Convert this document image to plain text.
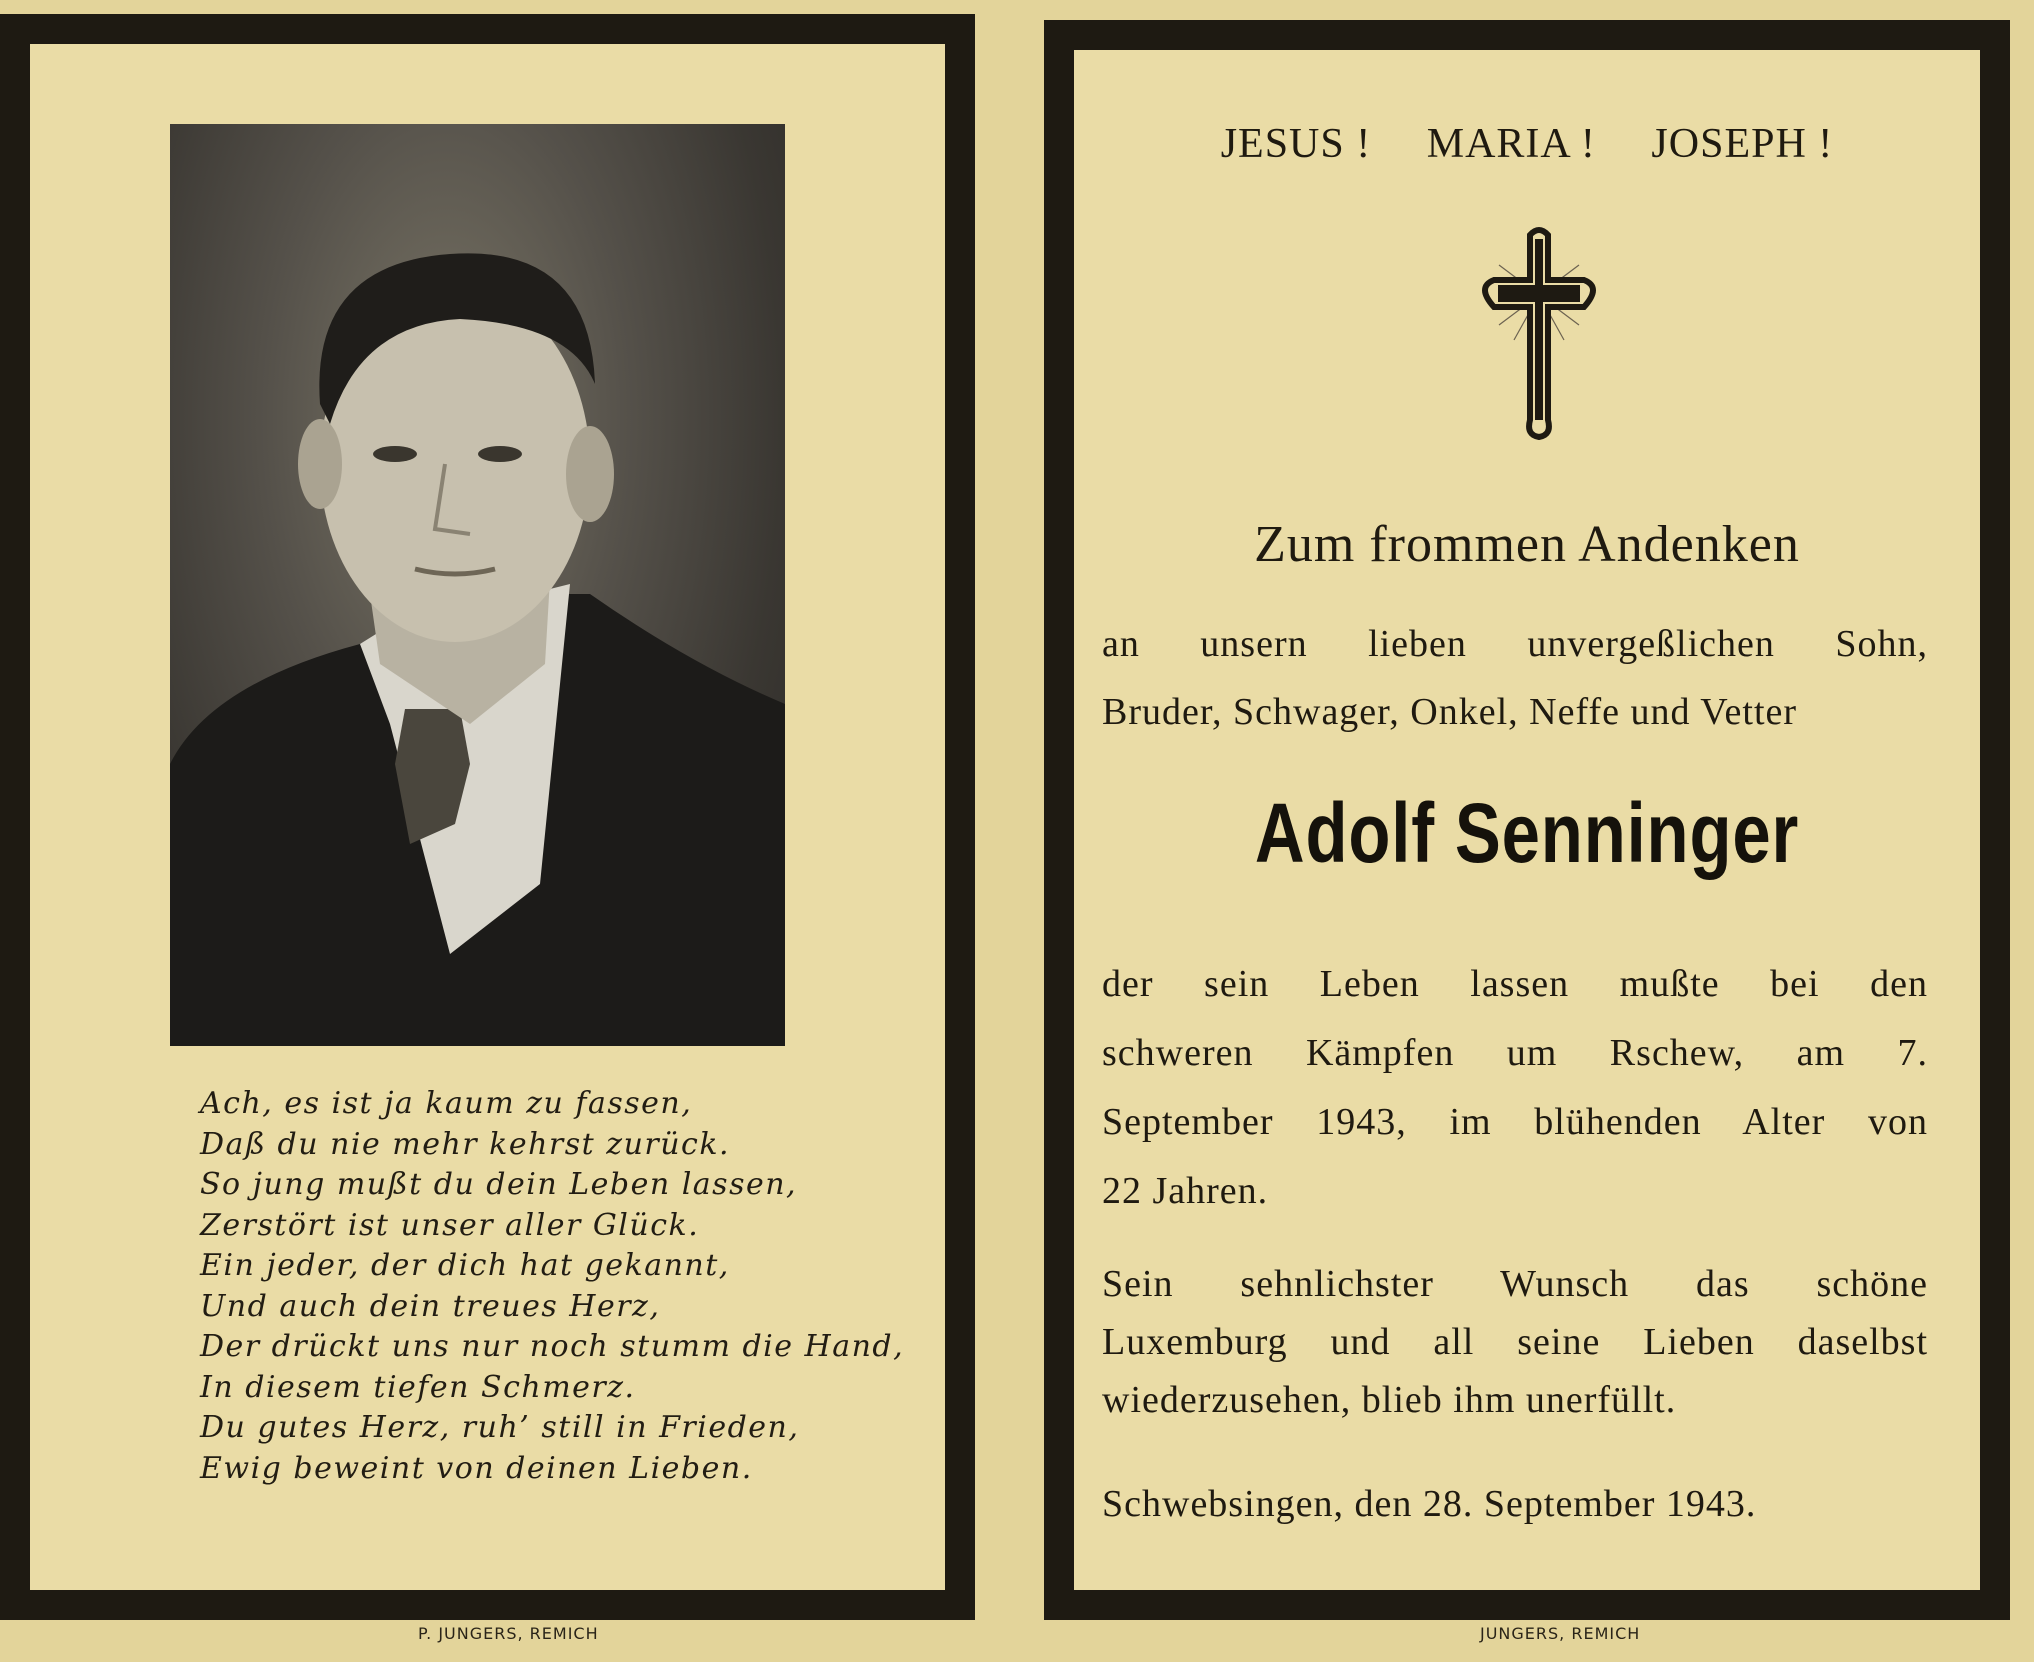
Ach, es ist ja kaum zu fassen,
Daß du nie mehr kehrst zurück.
So jung mußt du dein Leben lassen,
Zerstört ist unser aller Glück.
Ein jeder, der dich hat gekannt,
Und auch dein treues Herz,
Der drückt uns nur noch stumm die Hand,
In diesem tiefen Schmerz.
Du gutes Herz, ruh’ still in Frieden,
Ewig beweint von deinen Lieben.
P. JUNGERS, REMICH
JESUS ! MARIA ! JOSEPH !
Zum frommen Andenken
an unsern lieben unvergeßlichen Sohn,
Bruder, Schwager, Onkel, Neffe und Vetter
Adolf Senninger
der sein Leben lassen mußte bei den
schweren Kämpfen um Rschew, am 7.
September 1943, im blühenden Alter von
22 Jahren.
Sein sehnlichster Wunsch das schöne
Luxemburg und all seine Lieben daselbst
wiederzusehen, blieb ihm unerfüllt.
Schwebsingen, den 28. September 1943.
JUNGERS, REMICH
